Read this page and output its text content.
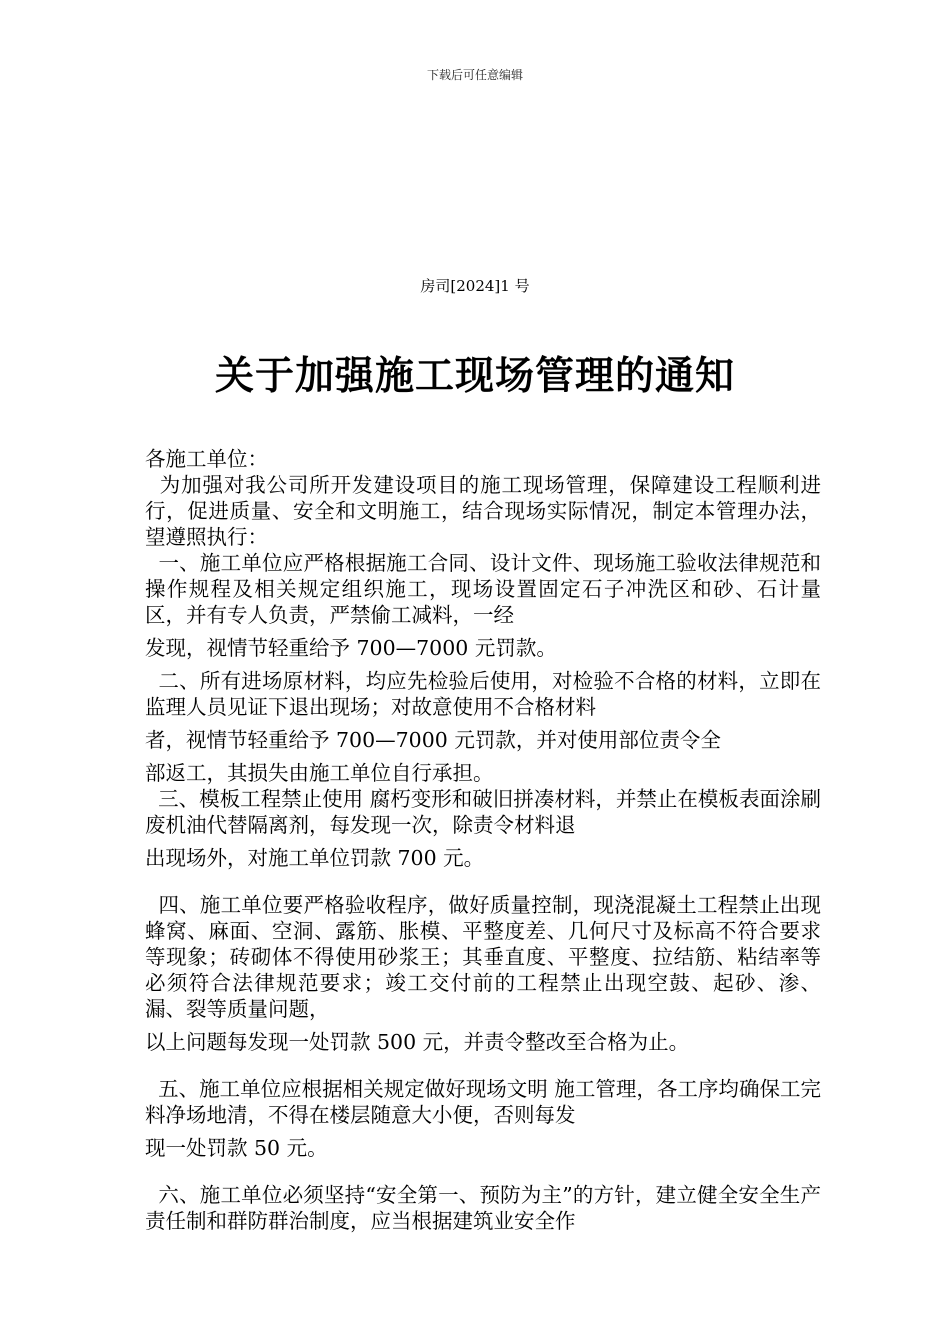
下载后可任意编辑
房司[2024]1 号
关于加强施工现场管理的通知

各施工单位：

为加强对我公司所开发建设项目的施工现场管理，保障建设工程顺利进行，促进质量、安全和文明施工，结合现场实际情况，制定本管理办法，望遵照执行：

一、施工单位应严格根据施工合同、设计文件、现场施工验收法律规范和操作规程及相关规定组织施工，现场设置固定石子冲洗区和砂、石计量区，并有专人负责，严禁偷工减料，一经

发现，视情节轻重给予 700—7000 元罚款。

二、所有进场原材料，均应先检验后使用，对检验不合格的材料，立即在监理人员见证下退出现场；对故意使用不合格材料

者，视情节轻重给予 700—7000 元罚款，并对使用部位责令全

部返工，其损失由施工单位自行承担。

三、模板工程禁止使用 腐朽变形和破旧拼凑材料，并禁止在模板表面涂刷废机油代替隔离剂，每发现一次，除责令材料退

出现场外，对施工单位罚款 700 元。

四、施工单位要严格验收程序，做好质量控制，现浇混凝土工程禁止出现蜂窝、麻面、空洞、露筋、胀模、平整度差、几何尺寸及标高不符合要求等现象；砖砌体不得使用砂浆王；其垂直度、平整度、拉结筋、粘结率等必须符合法律规范要求；竣工交付前的工程禁止出现空鼓、起砂、渗、漏、裂等质量问题，

以上问题每发现一处罚款 500 元，并责令整改至合格为止。

五、施工单位应根据相关规定做好现场文明 施工管理，各工序均确保工完料净场地清，不得在楼层随意大小便，否则每发

现一处罚款 50 元。

六、施工单位必须坚持“安全第一、预防为主”的方针，建立健全安全生产责任制和群防群治制度，应当根据建筑业安全作
